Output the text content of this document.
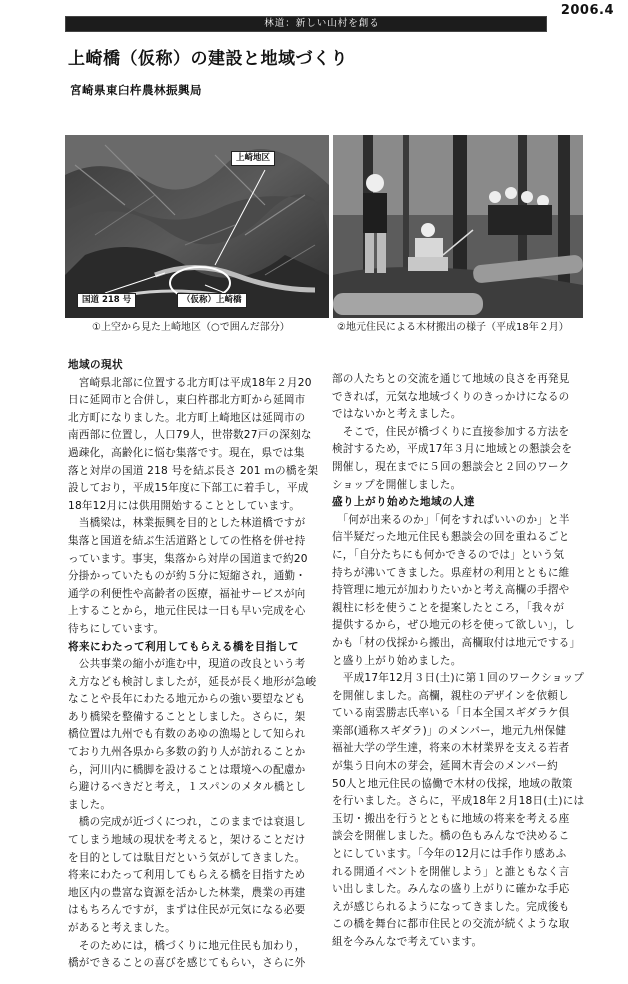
2006.4
林道：新しい山村を創る
上崎橋（仮称）の建設と地域づくり
宮崎県東臼杵農林振興局
上崎地区
国道 218 号	（仮称）上崎橋
①上空から見た上崎地区（○で囲んだ部分）	②地元住民による木材搬出の様子（平成18年２月）

地域の現状

　宮崎県北部に位置する北方町は平成18年２月20

日に延岡市と合併し，東臼杵郡北方町から延岡市

北方町になりました。北方町上崎地区は延岡市の

南西部に位置し，人口79人，世帯数27戸の深刻な

過疎化，高齢化に悩む集落です。現在，県では集

落と対岸の国道 218 号を結ぶ長さ 201 ｍの橋を架

設しており，平成15年度に下部工に着手し，平成

18年12月には供用開始することとしています。

　当橋梁は，林業振興を目的とした林道橋ですが

集落と国道を結ぶ生活道路としての性格を併せ持

っています。事実，集落から対岸の国道まで約20

分掛かっていたものが約５分に短縮され，通勤・

通学の利便性や高齢者の医療，福祉サービスが向

上することから，地元住民は一日も早い完成を心

待ちにしています。

将来にわたって利用してもらえる橋を目指して

　公共事業の縮小が進む中，現道の改良という考

え方なども検討しましたが，延長が長く地形が急峻

なことや長年にわたる地元からの強い要望なども

あり橋梁を整備することとしました。さらに，架

橋位置は九州でも有数のあゆの漁場として知られ

ており九州各県から多数の釣り人が訪れることか

ら，河川内に橋脚を設けることは環境への配慮か

ら避けるべきだと考え，１スパンのメタル橋とし

ました。

　橋の完成が近づくにつれ，このままでは衰退し

てしまう地域の現状を考えると，架けることだけ

を目的としては駄目だという気がしてきました。

将来にわたって利用してもらえる橋を目指すため

地区内の豊富な資源を活かした林業，農業の再建

はもちろんですが，まずは住民が元気になる必要

があると考えました。

　そのためには，橋づくりに地元住民も加わり，

橋ができることの喜びを感じてもらい，さらに外

部の人たちとの交流を通じて地域の良さを再発見

できれば，元気な地域づくりのきっかけになるの

ではないかと考えました。

　そこで，住民が橋づくりに直接参加する方法を

検討するため，平成17年３月に地域との懇談会を

開催し，現在までに５回の懇談会と２回のワーク

ショップを開催しました。

盛り上がり始めた地域の人達

　「何が出来るのか」「何をすればいいのか」と半

信半疑だった地元住民も懇談会の回を重ねるごと

に，「自分たちにも何かできるのでは」という気

持ちが沸いてきました。県産材の利用とともに維

持管理に地元が加わりたいかと考え高欄の手摺や

親柱に杉を使うことを提案したところ，「我々が

提供するから，ぜひ地元の杉を使って欲しい」，し

かも「材の伐採から搬出，高欄取付は地元でする」

と盛り上がり始めました。

　平成17年12月３日(土)に第１回のワークショップ

を開催しました。高欄，親柱のデザインを依頼し

ている南雲勝志氏率いる「日本全国スギダラケ倶

楽部(通称スギダラ)」のメンバー，地元九州保健

福祉大学の学生達，将来の木材業界を支える若者

が集う日向木の芽会，延岡木青会のメンバー約

50人と地元住民の協働で木材の伐採，地域の散策

を行いました。さらに，平成18年２月18日(土)には

玉切・搬出を行うとともに地域の将来を考える座

談会を開催しました。橋の色もみんなで決めるこ

とにしています。「今年の12月には手作り感あふ

れる開通イベントを開催しよう」と誰ともなく言

い出しました。みんなの盛り上がりに確かな手応

えが感じられるようになってきました。完成後も

この橋を舞台に都市住民との交流が続くような取

組を今みんなで考えています。
